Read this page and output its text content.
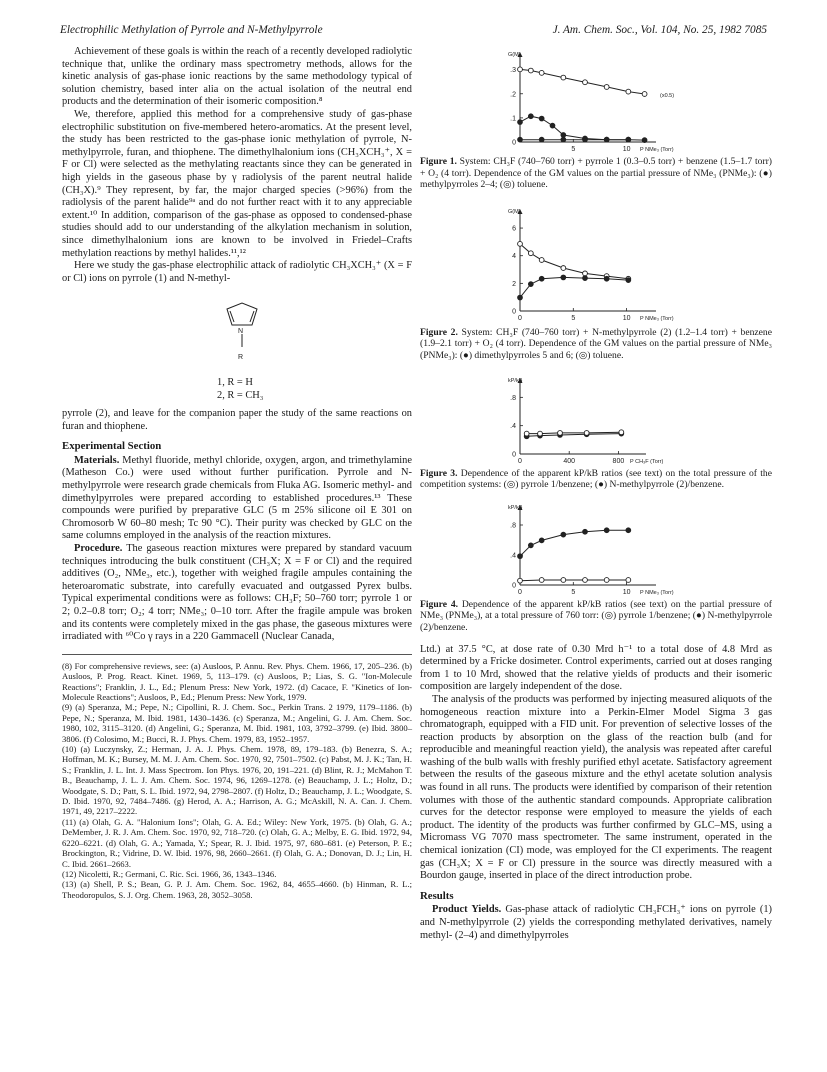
Electrophilic Methylation of Pyrrole and N-Methylpyrrole	J. Am. Chem. Soc., Vol. 104, No. 25, 1982 7085

Achievement of these goals is within the reach of a recently developed radiolytic technique that, unlike the ordinary mass spectrometry methods, allows for the kinetic analysis of gas-phase ionic reactions by the same methodology typical of solution chemistry, based inter alia on the actual isolation of the neutral end products and the determination of their isomeric composition.⁸

We, therefore, applied this method for a comprehensive study of gas-phase electrophilic substitution on five-membered hetero-aromatics. At the present level, the study has been restricted to the gas-phase ionic methylation of pyrrole, N-methylpyrrole, furan, and thiophene. The dimethylhalonium ions (CH₃XCH₃⁺, X = F or Cl) were selected as the methylating reactants since they can be generated in high yields in the gaseous phase by γ radiolysis of the parent neutral halide (CH₃X).⁹ They represent, by far, the major charged species (>96%) from the radiolysis of the parent halide⁹ᵃ and do not further react with it to any appreciable extent.¹⁰ In addition, comparison of the gas-phase as opposed to condensed-phase studies should add to our understanding of the alkylation mechanism in solution, since dimethylhalonium ions are known to be involved in Friedel–Crafts methylation reactions by methyl halides.¹¹,¹²

Here we study the gas-phase electrophilic attack of radiolytic CH₃XCH₃⁺ (X = F or Cl) ions on pyrrole (1) and N-methyl-

N
R
1, R = H
2, R = CH₃

pyrrole (2), and leave for the companion paper the study of the same reactions on furan and thiophene.

Experimental Section

Materials. Methyl fluoride, methyl chloride, oxygen, argon, and trimethylamine (Matheson Co.) were used without further purification. Pyrrole and N-methylpyrrole were research grade chemicals from Fluka AG. Isomeric methyl- and dimethylpyrroles were prepared according to established procedures.¹³ These compounds were purified by preparative GLC (5 m 25% silicone oil E 301 on Chromosorb W 60–80 mesh; Tc 90 °C). Their purity was checked by GLC on the same columns employed in the analysis of the reaction mixtures.

Procedure. The gaseous reaction mixtures were prepared by standard vacuum techniques introducing the bulk constituent (CH₃X; X = F or Cl) and the required additives (O₂, NMe₃, etc.), together with weighed fragile ampules containing the heteroaromatic substrate, into carefully evacuated and outgassed Pyrex bulbs. Typical experimental conditions were as follows: CH₃F; 50–760 torr; pyrrole 1 or 2; 0.2–0.8 torr; O₂; 4 torr; NMe₃; 0–10 torr. After the fragile ampule was broken and its contents were completely mixed in the gas phase, the gaseous mixtures were irradiated with ⁶⁰Co γ rays in a 220 Gammacell (Nuclear Canada,

(8) For comprehensive reviews, see: (a) Ausloos, P. Annu. Rev. Phys. Chem. 1966, 17, 205–236. (b) Ausloos, P. Prog. React. Kinet. 1969, 5, 113–179. (c) Ausloos, P.; Lias, S. G. "Ion-Molecule Reactions"; Franklin, J. L., Ed.; Plenum Press: New York, 1972. (d) Cacace, F. "Kinetics of Ion-Molecule Reactions"; Ausloos, P., Ed.; Plenum Press: New York, 1979.
(9) (a) Speranza, M.; Pepe, N.; Cipollini, R. J. Chem. Soc., Perkin Trans. 2 1979, 1179–1186. (b) Pepe, N.; Speranza, M. Ibid. 1981, 1430–1436. (c) Speranza, M.; Angelini, G. J. Am. Chem. Soc. 1980, 102, 3115–3120. (d) Angelini, G.; Speranza, M. Ibid. 1981, 103, 3792–3799. (e) Ibid. 3800–3806. (f) Colosimo, M.; Bucci, R. J. Phys. Chem. 1979, 83, 1952–1957.
(10) (a) Luczynsky, Z.; Herman, J. A. J. Phys. Chem. 1978, 89, 179–183. (b) Benezra, S. A.; Hoffman, M. K.; Bursey, M. M. J. Am. Chem. Soc. 1970, 92, 7501–7502. (c) Pabst, M. J. K.; Tan, H. S.; Franklin, J. L. Int. J. Mass Spectrom. Ion Phys. 1976, 20, 191–221. (d) Blint, R. J.; McMahon T. B., Beauchamp, J. L. J. Am. Chem. Soc. 1974, 96, 1269–1278. (e) Beauchamp, J. L.; Holtz, D.; Woodgate, S. D.; Patt, S. L. Ibid. 1972, 94, 2798–2807. (f) Holtz, D.; Beauchamp, J. L.; Woodgate, S. D. Ibid. 1970, 92, 7484–7486. (g) Herod, A. A.; Harrison, A. G.; McAskill, N. A. Can. J. Chem. 1971, 49, 2217–2222.
(11) (a) Olah, G. A. "Halonium Ions"; Olah, G. A. Ed.; Wiley: New York, 1975. (b) Olah, G. A.; DeMember, J. R. J. Am. Chem. Soc. 1970, 92, 718–720. (c) Olah, G. A.; Melby, E. G. Ibid. 1972, 94, 6220–6221. (d) Olah, G. A.; Yamada, Y.; Spear, R. J. Ibid. 1975, 97, 680–681. (e) Peterson, P. E.; Brockington, R.; Vidrine, D. W. Ibid. 1976, 98, 2660–2661. (f) Olah, G. A.; Donovan, D. J.; Lin, H. C. Ibid. 2661–2663.
(12) Nicoletti, R.; Germani, C. Ric. Sci. 1966, 36, 1343–1346.
(13) (a) Shell, P. S.; Bean, G. P. J. Am. Chem. Soc. 1962, 84, 4655–4660. (b) Hinman, R. L.; Theodoropulos, S. J. Org. Chem. 1963, 28, 3052–3058.
0
.1
.2
.3
5	10
G(M)
P NMe₃ (Torr)
(x0.5)
Figure 1. System: CH₃F (740–760 torr) + pyrrole 1 (0.3–0.5 torr) + benzene (1.5–1.7 torr) + O₂ (4 torr). Dependence of the GM values on the partial pressure of NMe₃ (PNMe₃): (●) methylpyrroles 2–4; (◎) toluene.
0
2
4
6
0	5	10
G(M)
P NMe₃ (Torr)
Figure 2. System: CH₃F (740–760 torr) + N-methylpyrrole (2) (1.2–1.4 torr) + benzene (1.9–2.1 torr) + O₂ (4 torr). Dependence of the GM values on the partial pressure of NMe₃ (PNMe₃): (●) dimethylpyrroles 5 and 6; (◎) toluene.
0
.4
.8
0	400	800
kP/kB
P CH₃F (Torr)
Figure 3. Dependence of the apparent kP/kB ratios (see text) on the total pressure of the competition systems: (◎) pyrrole 1/benzene; (●) N-methylpyrrole (2)/benzene.
0
.4
.8
0	5	10
kP/kB
P NMe₃ (Torr)
Figure 4. Dependence of the apparent kP/kB ratios (see text) on the partial pressure of NMe₃ (PNMe₃), at a total pressure of 760 torr: (◎) pyrrole 1/benzene; (●) N-methylpyrrole (2)/benzene.

Ltd.) at 37.5 °C, at dose rate of 0.30 Mrd h⁻¹ to a total dose of 4.8 Mrd as determined by a Fricke dosimeter. Control experiments, carried out at doses ranging from 1 to 10 Mrd, showed that the relative yields of products and their isomeric composition are largely independent of the dose.

The analysis of the products was performed by injecting measured aliquots of the homogeneous reaction mixture into a Perkin-Elmer Model Sigma 3 gas chromatograph, equipped with a FID unit. For prevention of selective losses of the reaction products by absorption on the glass of the reaction bulb (and for reproducible and meaningful reaction yield), the analysis was repeated after careful washing of the bulb walls with freshly purified ethyl acetate. Satisfactory agreement between the results of the gaseous mixture and the ethyl acetate solution analysis was found in all runs. The products were identified by comparison of their retention volumes with those of the authentic standard compounds. Appropriate calibration curves for the detector response were employed to measure the yields of each product. The identity of the products was further confirmed by GLC–MS, using a Micromass VG 7070 mass spectrometer. The same instrument, operated in the chemical ionization (CI) mode, was employed for the CI experiments. The reagent gas (CH₃X; X = F or Cl) pressure in the source was directly measured with a Bourdon gauge, inserted in place of the direct introduction probe.

Results

Product Yields. Gas-phase attack of radiolytic CH₃FCH₃⁺ ions on pyrrole (1) and N-methylpyrrole (2) yields the corresponding methylated derivatives, namely methyl- (2–4) and dimethylpyrroles
